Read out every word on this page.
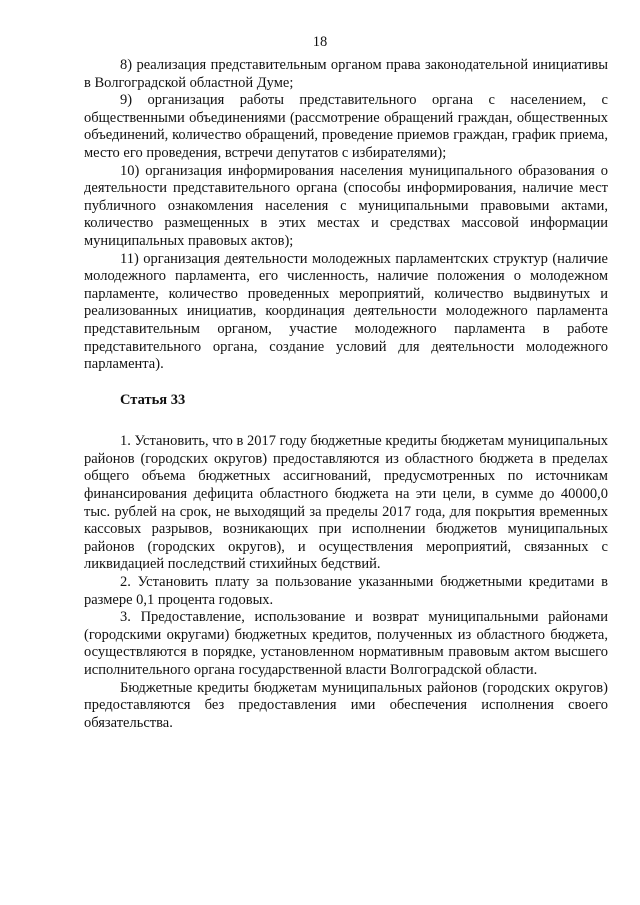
18

8) реализация представительным органом права законодательной инициативы в Волгоградской областной Думе;

9) организация работы представительного органа с населением, с общественными объединениями (рассмотрение обращений граждан, общественных объединений, количество обращений, проведение приемов граждан, график приема, место его проведения, встречи депутатов с избирателями);

10) организация информирования населения муниципального образования о деятельности представительного органа (способы информирования, наличие мест публичного ознакомления населения с муниципальными правовыми актами, количество размещенных в этих местах и средствах массовой информации муниципальных правовых актов);

11) организация деятельности молодежных парламентских структур (наличие молодежного парламента, его численность, наличие положения о молодежном парламенте, количество проведенных мероприятий, количество выдвинутых и реализованных инициатив, координация деятельности молодежного парламента представительным органом, участие молодежного парламента в работе представительного органа, создание условий для деятельности молодежного парламента).

Статья 33

1. Установить, что в 2017 году бюджетные кредиты бюджетам муниципальных районов (городских округов) предоставляются из областного бюджета в пределах общего объема бюджетных ассигнований, предусмотренных по источникам финансирования дефицита областного бюджета на эти цели, в сумме до 40000,0 тыс. рублей на срок, не выходящий за пределы 2017 года, для покрытия временных кассовых разрывов, возникающих при исполнении бюджетов муниципальных районов (городских округов), и осуществления мероприятий, связанных с ликвидацией последствий стихийных бедствий.

2. Установить плату за пользование указанными бюджетными кредитами в размере 0,1 процента годовых.

3. Предоставление, использование и возврат муниципальными районами (городскими округами) бюджетных кредитов, полученных из областного бюджета, осуществляются в порядке, установленном нормативным правовым актом высшего исполнительного органа государственной власти Волгоградской области.

Бюджетные кредиты бюджетам муниципальных районов (городских округов) предоставляются без предоставления ими обеспечения исполнения своего обязательства.
